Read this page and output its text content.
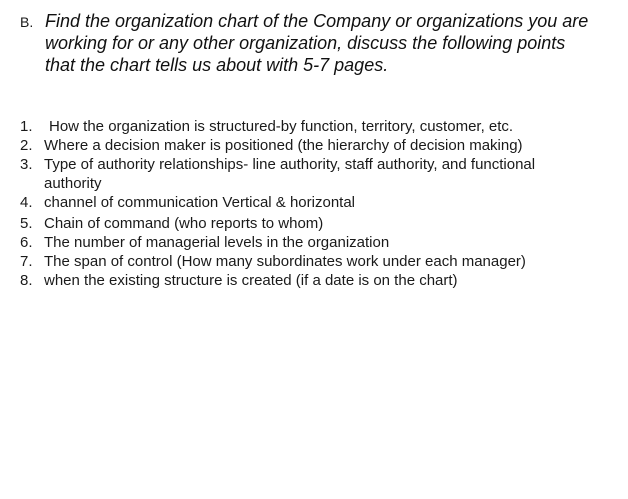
B. Find the organization chart of the Company or organizations you are
working for or any other organization, discuss the following points
that the chart tells us about with 5-7 pages.
1.	How the organization is structured-by function, territory, customer, etc.
2. Where a decision maker is positioned (the hierarchy of decision making)
3. Type of authority relationships- line authority, staff authority, and functional
authority
4. channel of communication Vertical & horizontal
5. Chain of command (who reports to whom)
6. The number of managerial levels in the organization
7. The span of control (How many subordinates work under each manager)
8. when the existing structure is created (if a date is on the chart)
